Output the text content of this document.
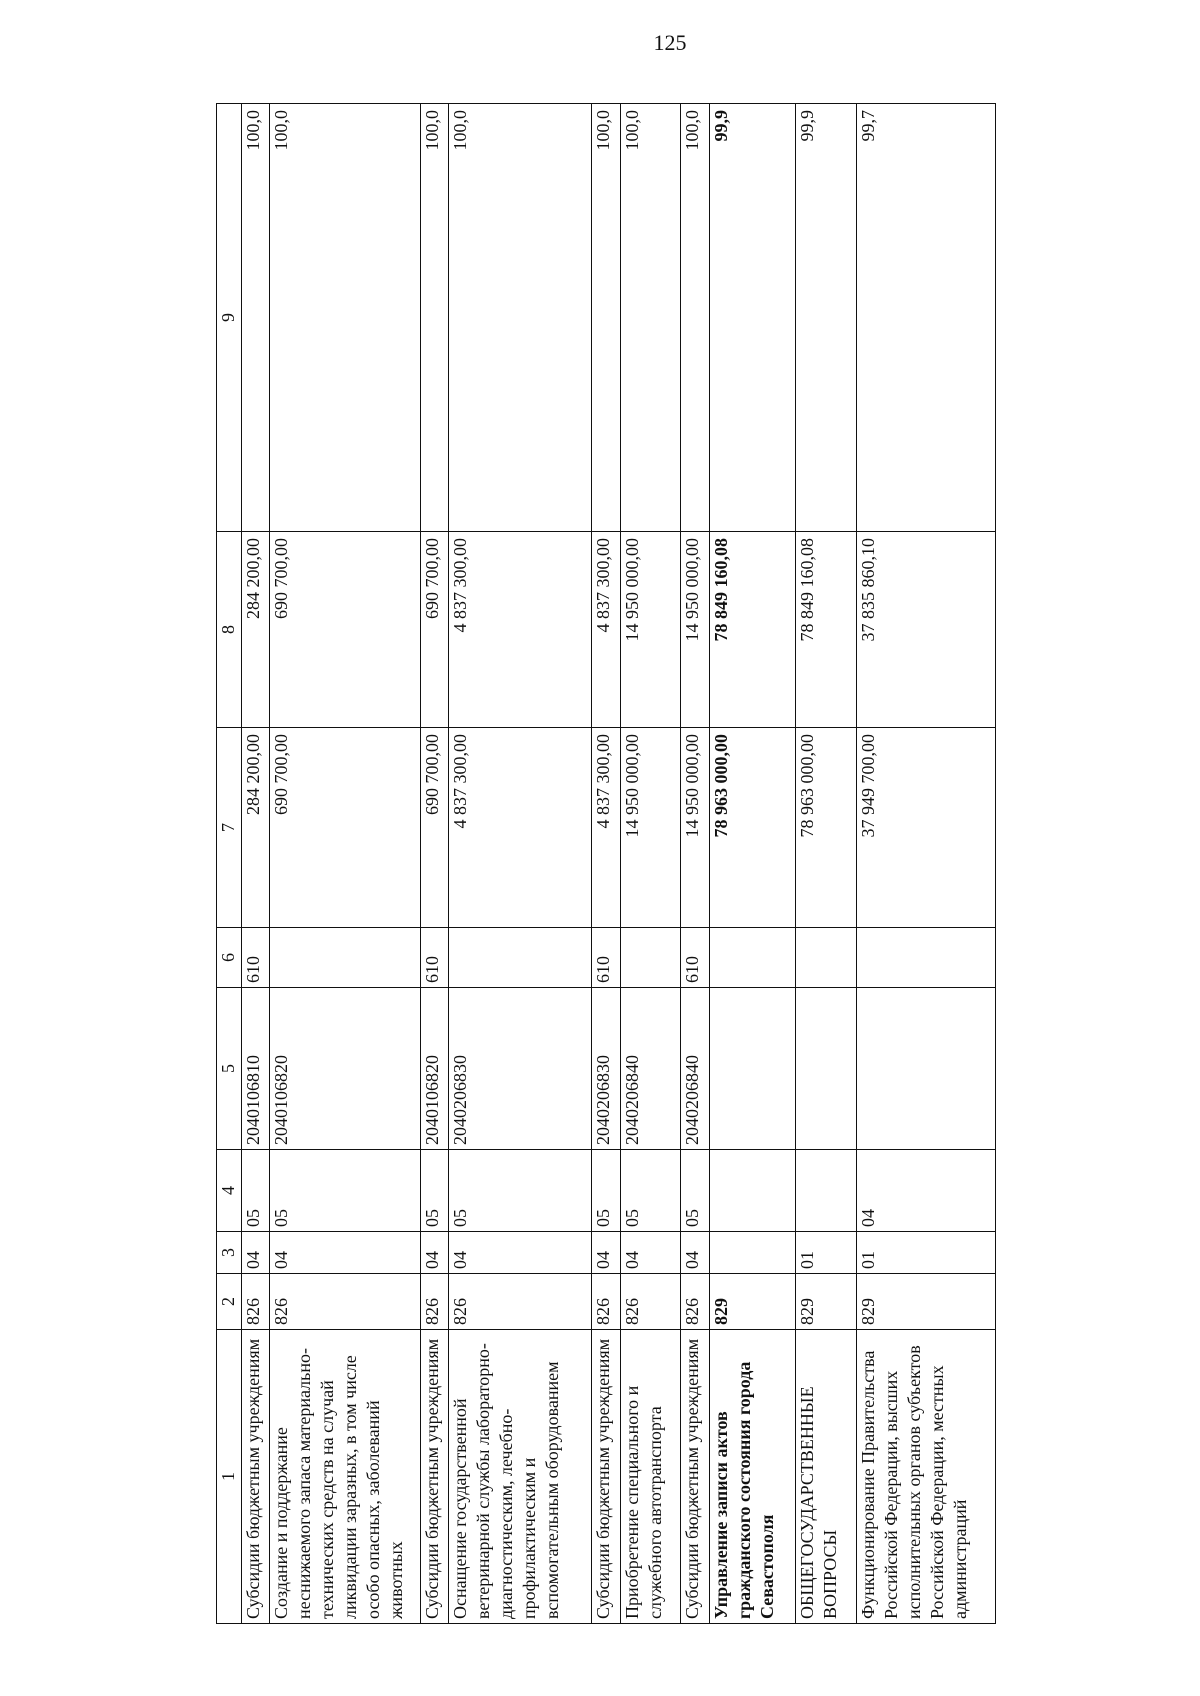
125
1	2	3	4	5	6	7	8	9
Субсидии бюджетным учреждениям	826	04	05	2040106810	610	284 200,00	284 200,00	100,0
Создание и поддержание неснижаемого запаса материально-технических средств на случай ликвидации заразных, в том числе особо опасных, заболеваний животных	826	04	05	2040106820		690 700,00	690 700,00	100,0
Субсидии бюджетным учреждениям	826	04	05	2040106820	610	690 700,00	690 700,00	100,0
Оснащение государственной ветеринарной службы лабораторно-диагностическим, лечебно-профилактическим и вспомогательным оборудованием	826	04	05	2040206830		4 837 300,00	4 837 300,00	100,0
Субсидии бюджетным учреждениям	826	04	05	2040206830	610	4 837 300,00	4 837 300,00	100,0
Приобретение специального и служебного автотранспорта	826	04	05	2040206840		14 950 000,00	14 950 000,00	100,0
Субсидии бюджетным учреждениям	826	04	05	2040206840	610	14 950 000,00	14 950 000,00	100,0
Управление записи актов гражданского состояния города Севастополя	829					78 963 000,00	78 849 160,08	99,9
ОБЩЕГОСУДАРСТВЕННЫЕ ВОПРОСЫ	829	01				78 963 000,00	78 849 160,08	99,9
Функционирование Правительства Российской Федерации, высших исполнительных органов субъектов Российской Федерации, местных администраций	829	01	04			37 949 700,00	37 835 860,10	99,7
